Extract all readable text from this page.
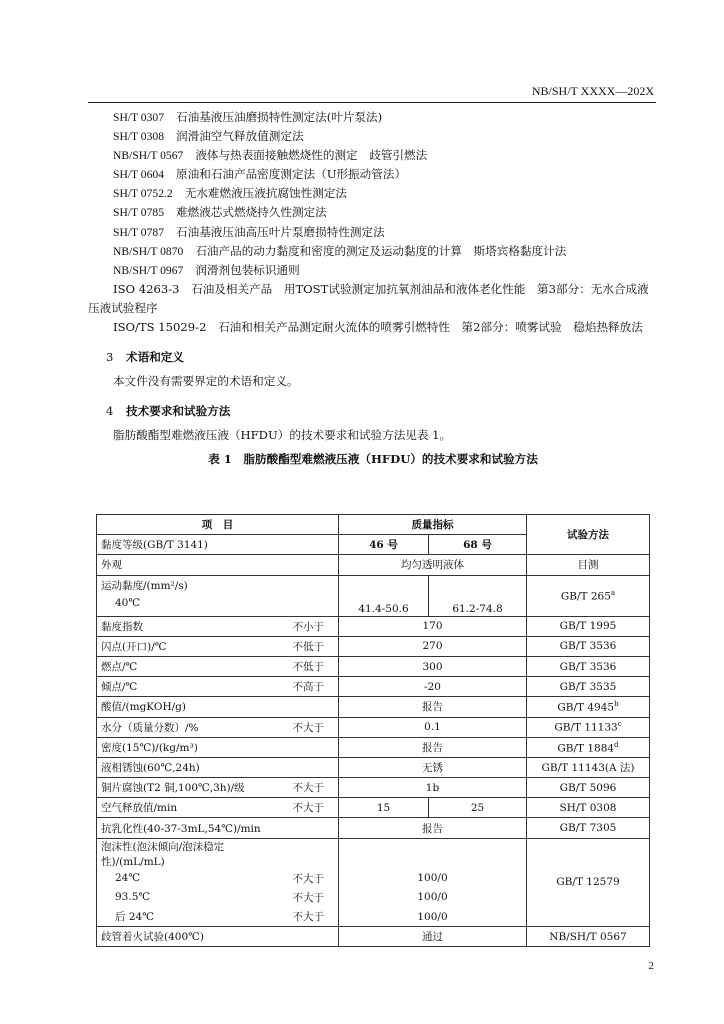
NB/SH/T XXXX—202X
SH/T 0307 石油基液压油磨损特性测定法(叶片泵法)
SH/T 0308 润滑油空气释放值测定法
NB/SH/T 0567 液体与热表面接触燃烧性的测定　歧管引燃法
SH/T 0604 原油和石油产品密度测定法（U形振动管法）
SH/T 0752.2 无水难燃液压液抗腐蚀性测定法
SH/T 0785 难燃液芯式燃烧持久性测定法
SH/T 0787 石油基液压油高压叶片泵磨损特性测定法
NB/SH/T 0870 石油产品的动力黏度和密度的测定及运动黏度的计算　斯塔宾格黏度计法
NB/SH/T 0967 润滑剂包装标识通则
ISO 4263-3　石油及相关产品　用TOST试验测定加抗氧剂油品和液体老化性能　第3部分：无水合成液压液试验程序
ISO/TS 15029-2　石油和相关产品测定耐火流体的喷雾引燃特性　第2部分：喷雾试验　稳焰热释放法
3 术语和定义
本文件没有需要界定的术语和定义。
4 技术要求和试验方法
脂肪酸酯型难燃液压液（HFDU）的技术要求和试验方法见表 1。
表 1　脂肪酸酯型难燃液压液（HFDU）的技术要求和试验方法
项　目		质量指标		试验方法
黏度等级(GB/T 3141)		46 号	68 号	
外观		均匀透明液体		目测

运动黏度/(mm²/s)
40℃		41.4-50.6	61.2-74.8	GB/T 265$^a$
黏度指数	不小于	170		GB/T 1995
闪点(开口)/℃	不低于	270		GB/T 3536
燃点/℃	不低于	300		GB/T 3536
倾点/℃	不高于	-20		GB/T 3535
酸值/(mgKOH/g)		报告		GB/T 4945$^b$
水分（质量分数）/%	不大于	0.1		GB/T 11133$^c$
密度(15℃)/(kg/m³)		报告		GB/T 1884$^d$
液相锈蚀(60℃,24h)		无锈		GB/T 11143(A 法)
铜片腐蚀(T2 铜,100℃,3h)/级	不大于	1b		GB/T 5096
空气释放值/min	不大于	15	25	SH/T 0308
抗乳化性(40-37-3mL,54℃)/min		报告		GB/T 7305
泡沫性(泡沫倾向/泡沫稳定性)/(mL/mL)				GB/T 12579
24℃	不大于	100/0		
93.5℃	不大于	100/0		
后 24℃	不大于	100/0		
歧管着火试验(400℃)		通过		NB/SH/T 0567
2
